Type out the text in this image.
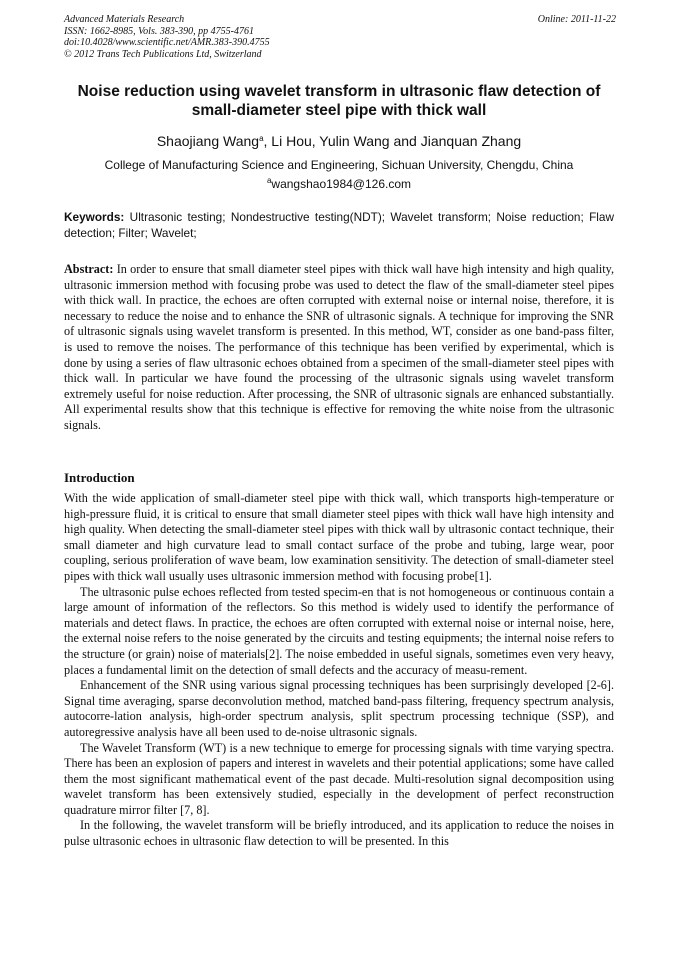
Advanced Materials Research
ISSN: 1662-8985, Vols. 383-390, pp 4755-4761
doi:10.4028/www.scientific.net/AMR.383-390.4755
© 2012 Trans Tech Publications Ltd, Switzerland
Online: 2011-11-22
Noise reduction using wavelet transform in ultrasonic flaw detection of
small-diameter steel pipe with thick wall
Shaojiang Wang$^a$, Li Hou, Yulin Wang and Jianquan Zhang
College of Manufacturing Science and Engineering, Sichuan University, Chengdu, China
$^a$wangshao1984@126.com
Keywords: Ultrasonic testing; Nondestructive testing(NDT); Wavelet transform; Noise reduction; Flaw detection; Filter; Wavelet;
Abstract: In order to ensure that small diameter steel pipes with thick wall have high intensity and high quality, ultrasonic immersion method with focusing probe was used to detect the flaw of the small-diameter steel pipes with thick wall. In practice, the echoes are often corrupted with external noise or internal noise, therefore, it is necessary to reduce the noise and to enhance the SNR of ultrasonic signals. A technique for improving the SNR of ultrasonic signals using wavelet transform is presented. In this method, WT, consider as one band-pass filter, is used to remove the noises. The performance of this technique has been verified by experimental, which is done by using a series of flaw ultrasonic echoes obtained from a specimen of the small-diameter steel pipes with thick wall. In particular we have found the processing of the ultrasonic signals using wavelet transform extremely useful for noise reduction. After processing, the SNR of ultrasonic signals are enhanced substantially. All experimental results show that this technique is effective for removing the white noise from the ultrasonic signals.
Introduction

With the wide application of small-diameter steel pipe with thick wall, which transports high-temperature or high-pressure fluid, it is critical to ensure that small diameter steel pipes with thick wall have high intensity and high quality. When detecting the small-diameter steel pipes with thick wall by ultrasonic contact technique, their small diameter and high curvature lead to small contact surface of the probe and tubing, large wear, poor coupling, serious proliferation of wave beam, low examination sensitivity. The detection of small-diameter steel pipes with thick wall usually uses ultrasonic immersion method with focusing probe[1].

The ultrasonic pulse echoes reflected from tested specim-en that is not homogeneous or continuous contain a large amount of information of the reflectors. So this method is widely used to identify the performance of materials and detect flaws. In practice, the echoes are often corrupted with external noise or internal noise, here, the external noise refers to the noise generated by the circuits and testing equipments; the internal noise refers to the structure (or grain) noise of materials[2]. The noise embedded in useful signals, sometimes even very heavy, places a fundamental limit on the detection of small defects and the accuracy of measu-rement.

Enhancement of the SNR using various signal processing techniques has been surprisingly developed [2-6]. Signal time averaging, sparse deconvolution method, matched band-pass filtering, frequency spectrum analysis, autocorre-lation analysis, high-order spectrum analysis, split spectrum processing technique (SSP), and autoregressive analysis have all been used to de-noise ultrasonic signals.

The Wavelet Transform (WT) is a new technique to emerge for processing signals with time varying spectra. There has been an explosion of papers and interest in wavelets and their potential applications; some have called them the most significant mathematical event of the past decade. Multi-resolution signal decomposition using wavelet transform has been extensively studied, especially in the development of perfect reconstruction quadrature mirror filter [7, 8].

In the following, the wavelet transform will be briefly introduced, and its application to reduce the noises in pulse ultrasonic echoes in ultrasonic flaw detection to will be presented. In this
